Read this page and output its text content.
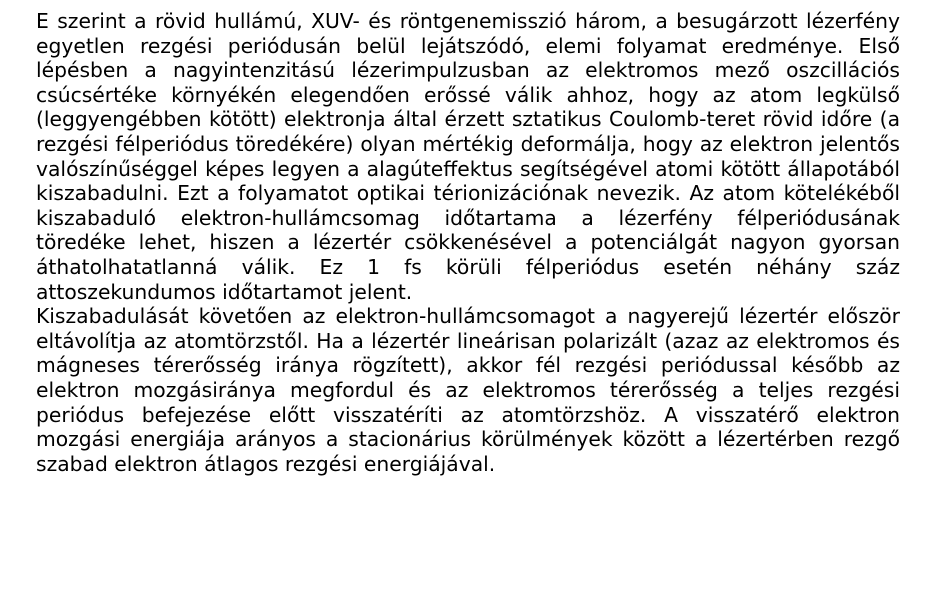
E szerint a rövid hullámú, XUV- és röntgenemisszió három, a besugárzott lézerfény egyetlen rezgési periódusán belül lejátszódó, elemi folyamat eredménye. Első lépésben a nagyintenzitású lézerimpulzusban az elektromos mező oszcillációs csúcsértéke környékén elegendően erőssé válik ahhoz, hogy az atom legkülső (leggyengébben kötött) elektronja által érzett sztatikus Coulomb-teret rövid időre (a rezgési félperiódus töredékére) olyan mértékig deformálja, hogy az elektron jelentős valószínűséggel képes legyen a alagúteffektus segítségével atomi kötött állapotából kiszabadulni. Ezt a folyamatot optikai térionizációnak nevezik. Az atom kötelékéből kiszabaduló elektron-hullámcsomag időtartama a lézerfény félperiódusának töredéke lehet, hiszen a lézertér csökkenésével a potenciálgát nagyon gyorsan áthatolhatatlanná válik. Ez 1 fs körüli félperiódus esetén néhány száz attoszekundumos időtartamot jelent.

Kiszabadulását követően az elektron-hullámcsomagot a nagyerejű lézertér először eltávolítja az atomtörzstől. Ha a lézertér lineárisan polarizált (azaz az elektromos és mágneses térerősség iránya rögzített), akkor fél rezgési periódussal később az elektron mozgásiránya megfordul és az elektromos térerősség a teljes rezgési periódus befejezése előtt visszatéríti az atomtörzshöz. A visszatérő elektron mozgási energiája arányos a stacionárius körülmények között a lézertérben rezgő szabad elektron átlagos rezgési energiájával.
